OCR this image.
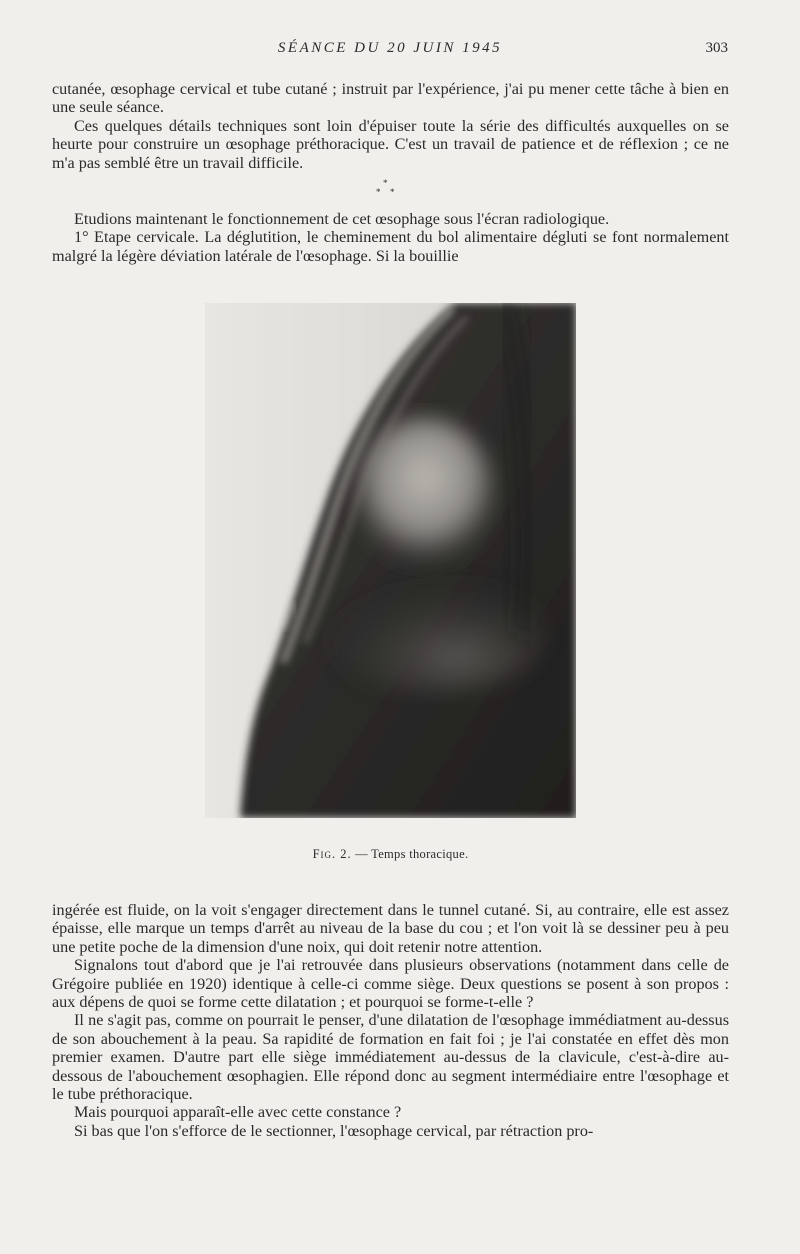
SÉANCE DU 20 JUIN 1945	303

cutanée, œsophage cervical et tube cutané ; instruit par l'expérience, j'ai pu mener cette tâche à bien en une seule séance.

Ces quelques détails techniques sont loin d'épuiser toute la série des difficultés auxquelles on se heurte pour construire un œsophage préthoracique. C'est un travail de patience et de réflexion ; ce ne m'a pas semblé être un travail difficile.

*
* *

Etudions maintenant le fonctionnement de cet œsophage sous l'écran radiologique.

1° Etape cervicale. La déglutition, le cheminement du bol alimentaire dégluti se font normalement malgré la légère déviation latérale de l'œsophage. Si la bouillie

Fig. 2. — Temps thoracique.

ingérée est fluide, on la voit s'engager directement dans le tunnel cutané. Si, au contraire, elle est assez épaisse, elle marque un temps d'arrêt au niveau de la base du cou ; et l'on voit là se dessiner peu à peu une petite poche de la dimension d'une noix, qui doit retenir notre attention.

Signalons tout d'abord que je l'ai retrouvée dans plusieurs observations (notamment dans celle de Grégoire publiée en 1920) identique à celle-ci comme siège. Deux questions se posent à son propos : aux dépens de quoi se forme cette dilatation ; et pourquoi se forme-t-elle ?

Il ne s'agit pas, comme on pourrait le penser, d'une dilatation de l'œsophage immédiatment au-dessus de son abouchement à la peau. Sa rapidité de formation en fait foi ; je l'ai constatée en effet dès mon premier examen. D'autre part elle siège immédiatement au-dessus de la clavicule, c'est-à-dire au-dessous de l'abouchement œsophagien. Elle répond donc au segment intermédiaire entre l'œsophage et le tube préthoracique.

Mais pourquoi apparaît-elle avec cette constance ?

Si bas que l'on s'efforce de le sectionner, l'œsophage cervical, par rétraction pro-
